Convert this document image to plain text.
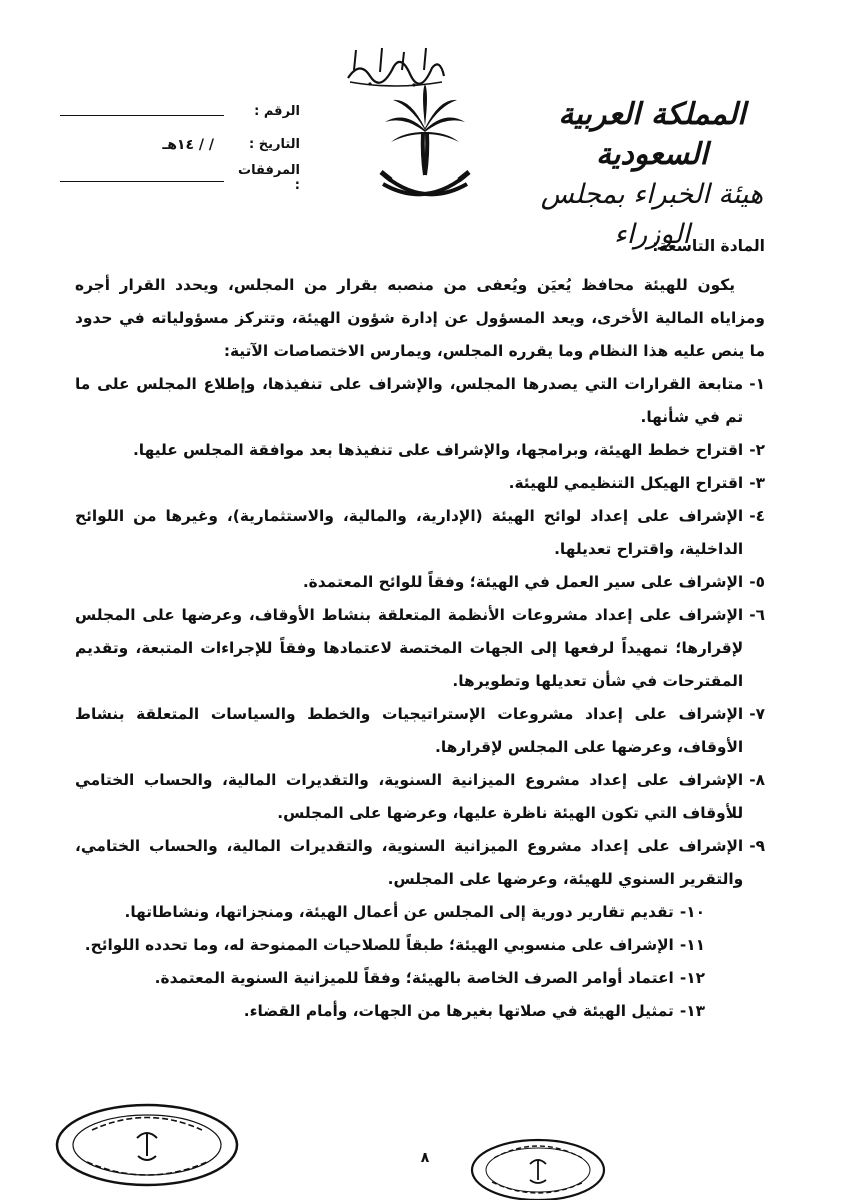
المملكة العربية السعودية
هيئة الخبراء بمجلس الوزراء
الرقم :
التاريخ :
/ / ١٤هـ
المرفقات :

المادة التاسعة:

يكون للهيئة محافظ يُعيَن ويُعفى من منصبه بقرار من المجلس، ويحدد القرار أجره ومزاياه المالية الأخرى، ويعد المسؤول عن إدارة شؤون الهيئة، وتتركز مسؤولياته في حدود ما ينص عليه هذا النظام وما يقرره المجلس، ويمارس الاختصاصات الآتية:

١-
متابعة القرارات التي يصدرها المجلس، والإشراف على تنفيذها، وإطلاع المجلس على ما تم في شأنها.
٢-
اقتراح خطط الهيئة، وبرامجها، والإشراف على تنفيذها بعد موافقة المجلس عليها.
٣-
اقتراح الهيكل التنظيمي للهيئة.
٤-
الإشراف على إعداد لوائح الهيئة (الإدارية، والمالية، والاستثمارية)، وغيرها من اللوائح الداخلية، واقتراح تعديلها.
٥-
الإشراف على سير العمل في الهيئة؛ وفقاً للوائح المعتمدة.
٦-
الإشراف على إعداد مشروعات الأنظمة المتعلقة بنشاط الأوقاف، وعرضها على المجلس لإقرارها؛ تمهيداً لرفعها إلى الجهات المختصة لاعتمادها وفقاً للإجراءات المتبعة، وتقديم المقترحات في شأن تعديلها وتطويرها.
٧-
الإشراف على إعداد مشروعات الإستراتيجيات والخطط والسياسات المتعلقة بنشاط الأوقاف، وعرضها على المجلس لإقرارها.
٨-
الإشراف على إعداد مشروع الميزانية السنوية، والتقديرات المالية، والحساب الختامي للأوقاف التي تكون الهيئة ناظرة عليها، وعرضها على المجلس.
٩-
الإشراف على إعداد مشروع الميزانية السنوية، والتقديرات المالية، والحساب الختامي، والتقرير السنوي للهيئة، وعرضها على المجلس.
١٠-
تقديم تقارير دورية إلى المجلس عن أعمال الهيئة، ومنجزاتها، ونشاطاتها.
١١-
الإشراف على منسوبي الهيئة؛ طبقاً للصلاحيات الممنوحة له، وما تحدده اللوائح.
١٢-
اعتماد أوامر الصرف الخاصة بالهيئة؛ وفقاً للميزانية السنوية المعتمدة.
١٣-
تمثيل الهيئة في صلاتها بغيرها من الجهات، وأمام القضاء.
٨
